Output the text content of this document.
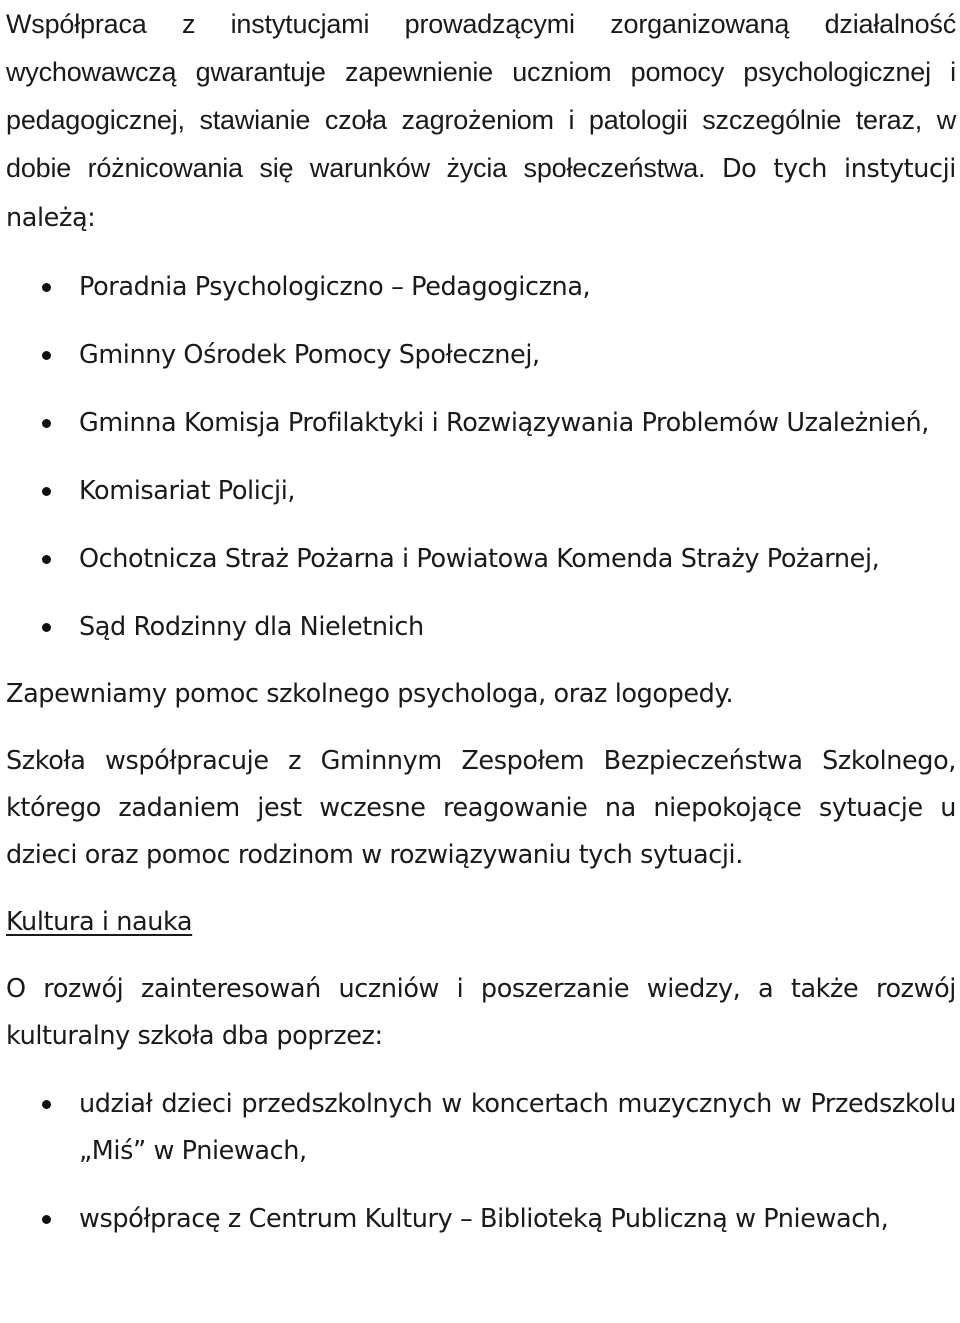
Współpraca z instytucjami prowadzącymi zorganizowaną działalność wychowawczą gwarantuje zapewnienie uczniom pomocy psychologicznej i pedagogicznej, stawianie czoła zagrożeniom i patologii szczególnie teraz, w dobie różnicowania się warunków życia społeczeństwa. Do tych instytucji należą:

Poradnia Psychologiczno – Pedagogiczna,
Gminny Ośrodek Pomocy Społecznej,
Gminna Komisja Profilaktyki i Rozwiązywania Problemów Uzależnień,
Komisariat Policji,
Ochotnicza Straż Pożarna i Powiatowa Komenda Straży Pożarnej,
Sąd Rodzinny dla Nieletnich

Zapewniamy pomoc szkolnego psychologa, oraz logopedy.

Szkoła współpracuje z Gminnym Zespołem Bezpieczeństwa Szkolnego, którego zadaniem jest wczesne reagowanie na niepokojące sytuacje u dzieci oraz pomoc rodzinom w rozwiązywaniu tych sytuacji.

Kultura i nauka

O rozwój zainteresowań uczniów i poszerzanie wiedzy, a także rozwój kulturalny szkoła dba poprzez:

udział dzieci przedszkolnych w koncertach muzycznych w Przedszkolu „Miś” w Pniewach,
współpracę z Centrum Kultury – Biblioteką Publiczną w Pniewach,
